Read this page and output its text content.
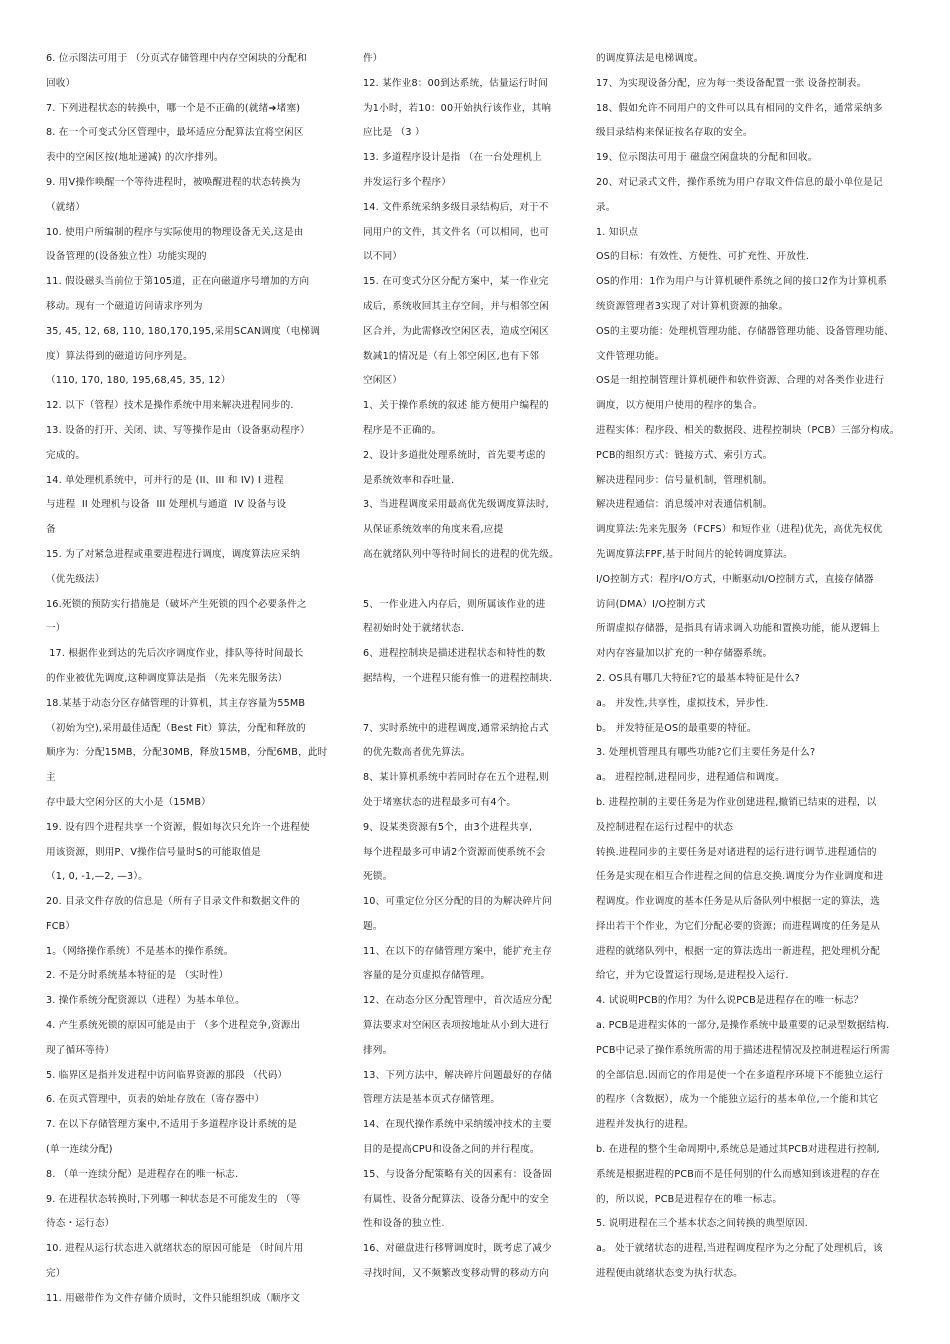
6. 位示图法可用于 （分页式存储管理中内存空闲块的分配和

回收）

7. 下列进程状态的转换中，哪一个是不正确的(就绪➜堵塞)

8. 在一个可变式分区管理中，最坏适应分配算法宜将空闲区

表中的空闲区按(地址递减) 的次序排列。

9. 用V操作唤醒一个等待进程时，被唤醒进程的状态转换为

（就绪）

10. 使用户所编制的程序与实际使用的物理设备无关,这是由

设备管理的(设备独立性）功能实现的

11. 假设磁头当前位于第105道，正在向磁道序号增加的方向

移动。现有一个磁道访问请求序列为

35, 45, 12, 68, 110, 180,170,195,采用SCAN调度（电梯调

度）算法得到的磁道访问序列是。

（110, 170, 180, 195,68,45, 35, 12）

12. 以下（管程）技术是操作系统中用来解决进程同步的.

13. 设备的打开、关闭、读、写等操作是由（设备驱动程序）

完成的。

14. 单处理机系统中，可并行的是 (II、III 和 IV) I 进程

与进程  II 处理机与设备  III 处理机与通道  IV 设备与设

备

15. 为了对紧急进程或重要进程进行调度，调度算法应采纳

（优先级法）

16.死锁的预防实行措施是（破坏产生死锁的四个必要条件之

一）

17. 根据作业到达的先后次序调度作业，排队等待时间最长

的作业被优先调度,这种调度算法是指 （先来先服务法）

18.某基于动态分区存储管理的计算机，其主存容量为55MB

（初始为空),采用最佳适配（Best Fit）算法，分配和释放的

顺序为：分配15MB，分配30MB，释放15MB，分配6MB，此时主

存中最大空闲分区的大小是（15MB）

19. 设有四个进程共享一个资源，假如每次只允许一个进程使

用该资源，则用P、V操作信号量时S的可能取值是

（1, 0, -1,—2, —3）。

20. 目录文件存放的信息是（所有子目录文件和数据文件的

FCB）

1。（网络操作系统）不是基本的操作系统。

2. 不是分时系统基本特征的是 （实时性）

3. 操作系统分配资源以（进程）为基本单位。

4. 产生系统死锁的原因可能是由于 （多个进程竞争,资源出

现了循环等待）

5. 临界区是指并发进程中访问临界资源的那段 （代码）

6. 在页式管理中，页表的始址存放在（寄存器中）

7. 在以下存储管理方案中,不适用于多道程序设计系统的是

(单一连续分配)

8. （单一连续分配）是进程存在的唯一标志.

9. 在进程状态转换时,下列哪一种状态是不可能发生的 （等

待态・运行态）

10. 进程从运行状态进入就绪状态的原因可能是 （时间片用

完）

11. 用磁带作为文件存储介质时，文件只能组织成（顺序文

件）

12. 某作业8：00到达系统，估量运行时间

为1小时，若10：00开始执行该作业，其响

应比是 （3 ）

13. 多道程序设计是指 （在一台处理机上

并发运行多个程序）

14. 文件系统采纳多级目录结构后，对于不

同用户的文件，其文件名（可以相同，也可

以不同）

15. 在可变式分区分配方案中，某一作业完

成后，系统收回其主存空间，并与相邻空闲

区合并，为此需修改空闲区表，造成空闲区

数减1的情况是（有上邻空闲区,也有下邻

空闲区）

1、关于操作系统的叙述 能方便用户编程的

程序是不正确的。

2、设计多道批处理系统时，首先要考虑的

是系统效率和吞吐量.

3、当进程调度采用最高优先级调度算法时,

从保证系统效率的角度来看,应提

高在就绪队列中等待时间长的进程的优先级。

5、一作业进入内存后，则所属该作业的进

程初始时处于就绪状态.

6、进程控制块是描述进程状态和特性的数

据结构，一个进程只能有惟一的进程控制块.

7、实时系统中的进程调度,通常采纳抢占式

的优先数高者优先算法。

8、某计算机系统中若同时存在五个进程,则

处于堵塞状态的进程最多可有4个。

9、设某类资源有5个，由3个进程共享,

每个进程最多可申请2个资源而使系统不会

死锁。

10、可重定位分区分配的目的为解决碎片问

题。

11、在以下的存储管理方案中，能扩充主存

容量的是分页虚拟存储管理。

12、在动态分区分配管理中，首次适应分配

算法要求对空闲区表项按地址从小到大进行

排列。

13、下列方法中，解决碎片问题最好的存储

管理方法是基本页式存储管理。

14、在现代操作系统中采纳缓冲技术的主要

目的是提高CPU和设备之间的并行程度。

15、与设备分配策略有关的因素有：设备固

有属性、设备分配算法、设备分配中的安全

性和设备的独立性.

16、对磁盘进行移臂调度时，既考虑了减少

寻找时间，又不频繁改变移动臂的移动方向

的调度算法是电梯调度。

17、为实现设备分配，应为每一类设备配置一张 设备控制表。

18、假如允许不同用户的文件可以具有相同的文件名，通常采纳多

级目录结构来保证按名存取的安全。

19、位示图法可用于 磁盘空闲盘块的分配和回收。

20、对记录式文件，操作系统为用户存取文件信息的最小单位是记

录。

1. 知识点

OS的目标：有效性、方便性、可扩充性、开放性.

OS的作用：1作为用户与计算机硬件系统之间的接口2作为计算机系

统资源管理者3实现了对计算机资源的抽象。

OS的主要功能：处理机管理功能、存储器管理功能、设备管理功能、

文件管理功能。

OS是一组控制管理计算机硬件和软件资源、合理的对各类作业进行

调度，以方便用户使用的程序的集合。

进程实体：程序段、相关的数据段、进程控制块（PCB）三部分构成。

PCB的组织方式：链接方式、索引方式。

解决进程同步：信号量机制，管理机制。

解决进程通信：消息缓冲对表通信机制。

调度算法:先来先服务（FCFS）和短作业（进程)优先，高优先权优

先调度算法FPF,基于时间片的轮转调度算法。

I/O控制方式：程序I/O方式，中断驱动I/O控制方式，直接存储器

访问(DMA）I/O控制方式

所谓虚拟存储器，是指具有请求调入功能和置换功能，能从逻辑上

对内存容量加以扩充的一种存储器系统。

2. OS具有哪几大特征?它的最基本特征是什么?

a。 并发性,共享性，虚拟技术，异步性.

b。 并发特征是OS的最重要的特征。

3. 处理机管理具有哪些功能?它们主要任务是什么?

a。 进程控制,进程同步，进程通信和调度。

b. 进程控制的主要任务是为作业创建进程,撤销已结束的进程，以

及控制进程在运行过程中的状态

转换.进程同步的主要任务是对诸进程的运行进行调节.进程通信的

任务是实现在相互合作进程之间的信息交换.调度分为作业调度和进

程调度。作业调度的基本任务是从后备队列中根据一定的算法，选

择出若干个作业，为它们分配必要的资源；而进程调度的任务是从

进程的就绪队列中，根据一定的算法选出一新进程，把处理机分配

给它，并为它设置运行现场,是进程投入运行.

4. 试说明PCB的作用？为什么说PCB是进程存在的唯一标志？

a. PCB是进程实体的一部分,是操作系统中最重要的记录型数据结构.

PCB中记录了操作系统所需的用于描述进程情况及控制进程运行所需

的全部信息.因而它的作用是使一个在多道程序环境下不能独立运行

的程序（含数据），成为一个能独立运行的基本单位,一个能和其它

进程并发执行的进程。

b. 在进程的整个生命周期中,系统总是通过其PCB对进程进行控制,

系统是根据进程的PCB而不是任何别的什么而感知到该进程的存在

的，所以说，PCB是进程存在的唯一标志。

5. 说明进程在三个基本状态之间转换的典型原因.

a。 处于就绪状态的进程,当进程调度程序为之分配了处理机后，该

进程便由就绪状态变为执行状态。
